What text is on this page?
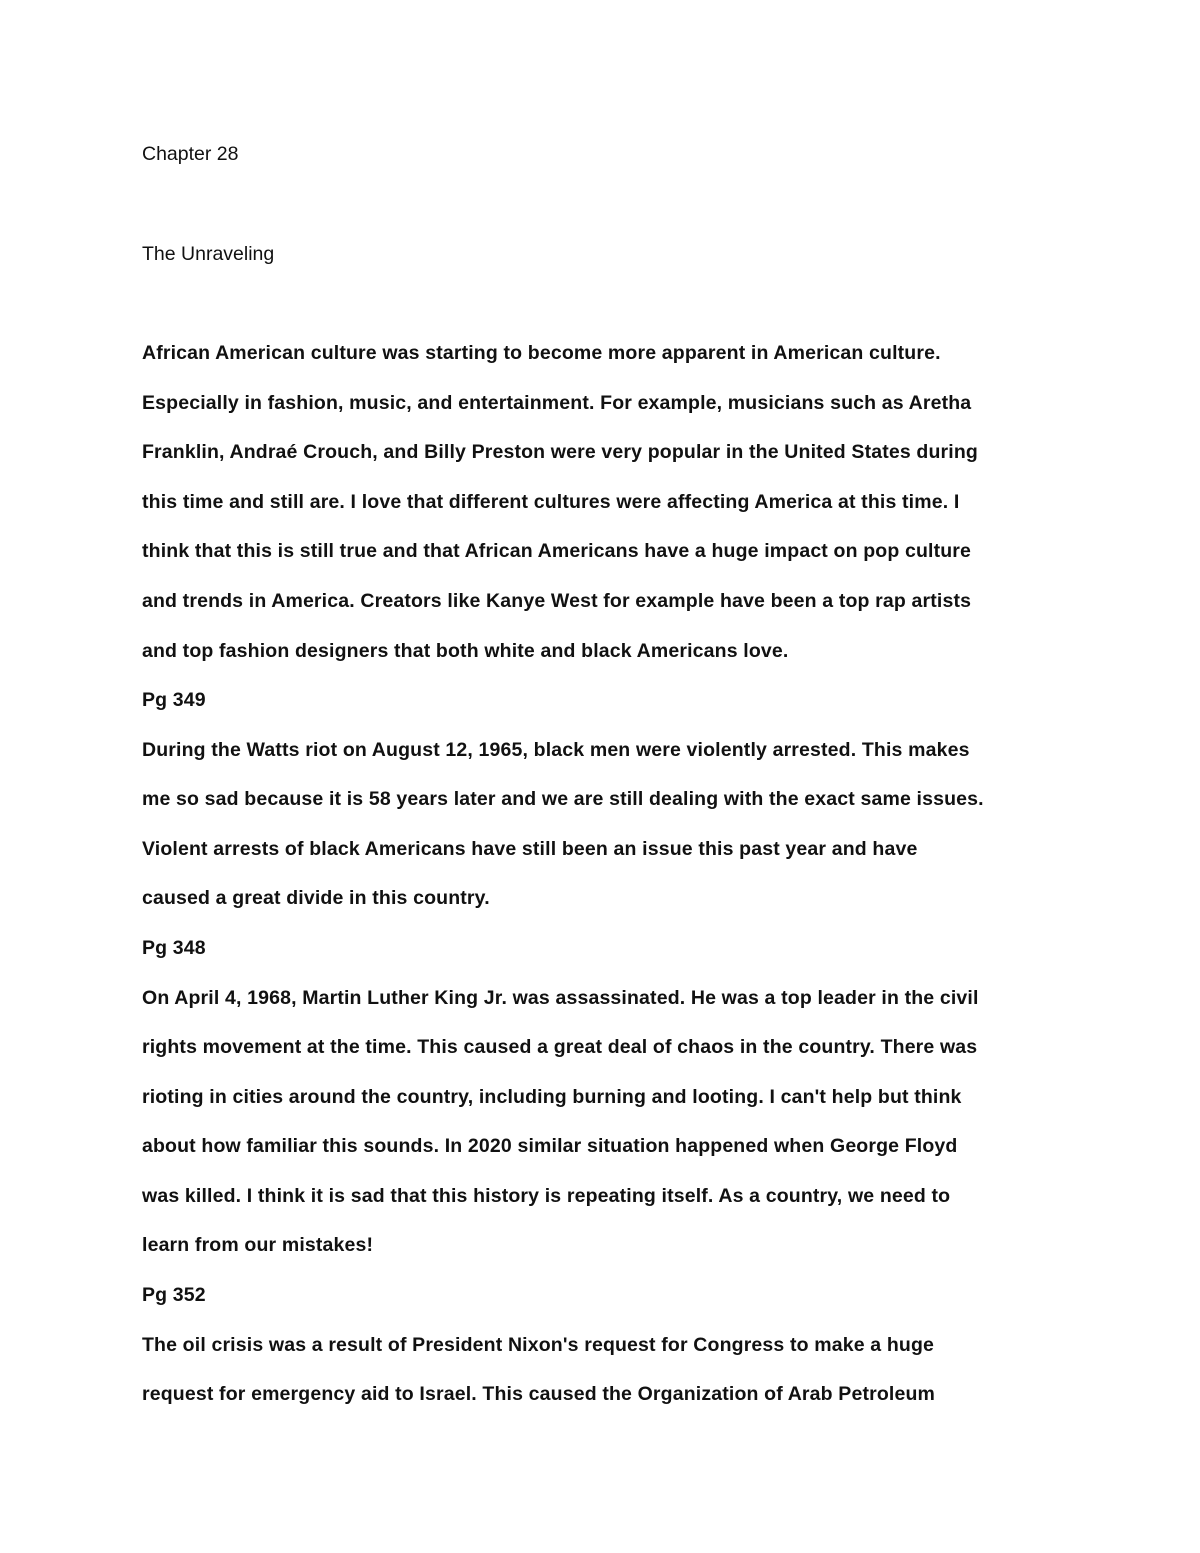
Chapter 28

The Unraveling

African American culture was starting to become more apparent in American culture.

Especially in fashion, music, and entertainment. For example, musicians such as Aretha

Franklin, Andraé Crouch, and Billy Preston were very popular in the United States during

this time and still are. I love that different cultures were affecting America at this time. I

think that this is still true and that African Americans have a huge impact on pop culture

and trends in America. Creators like Kanye West for example have been a top rap artists

and top fashion designers that both white and black Americans love.

Pg 349

During the Watts riot on August 12, 1965, black men were violently arrested. This makes

me so sad because it is 58 years later and we are still dealing with the exact same issues.

Violent arrests of black Americans have still been an issue this past year and have

caused a great divide in this country.

Pg 348

On April 4, 1968, Martin Luther King Jr. was assassinated. He was a top leader in the civil

rights movement at the time. This caused a great deal of chaos in the country. There was

rioting in cities around the country, including burning and looting. I can't help but think

about how familiar this sounds. In 2020 similar situation happened when George Floyd

was killed. I think it is sad that this history is repeating itself. As a country, we need to

learn from our mistakes!

Pg 352

The oil crisis was a result of President Nixon's request for Congress to make a huge

request for emergency aid to Israel. This caused the Organization of Arab Petroleum
